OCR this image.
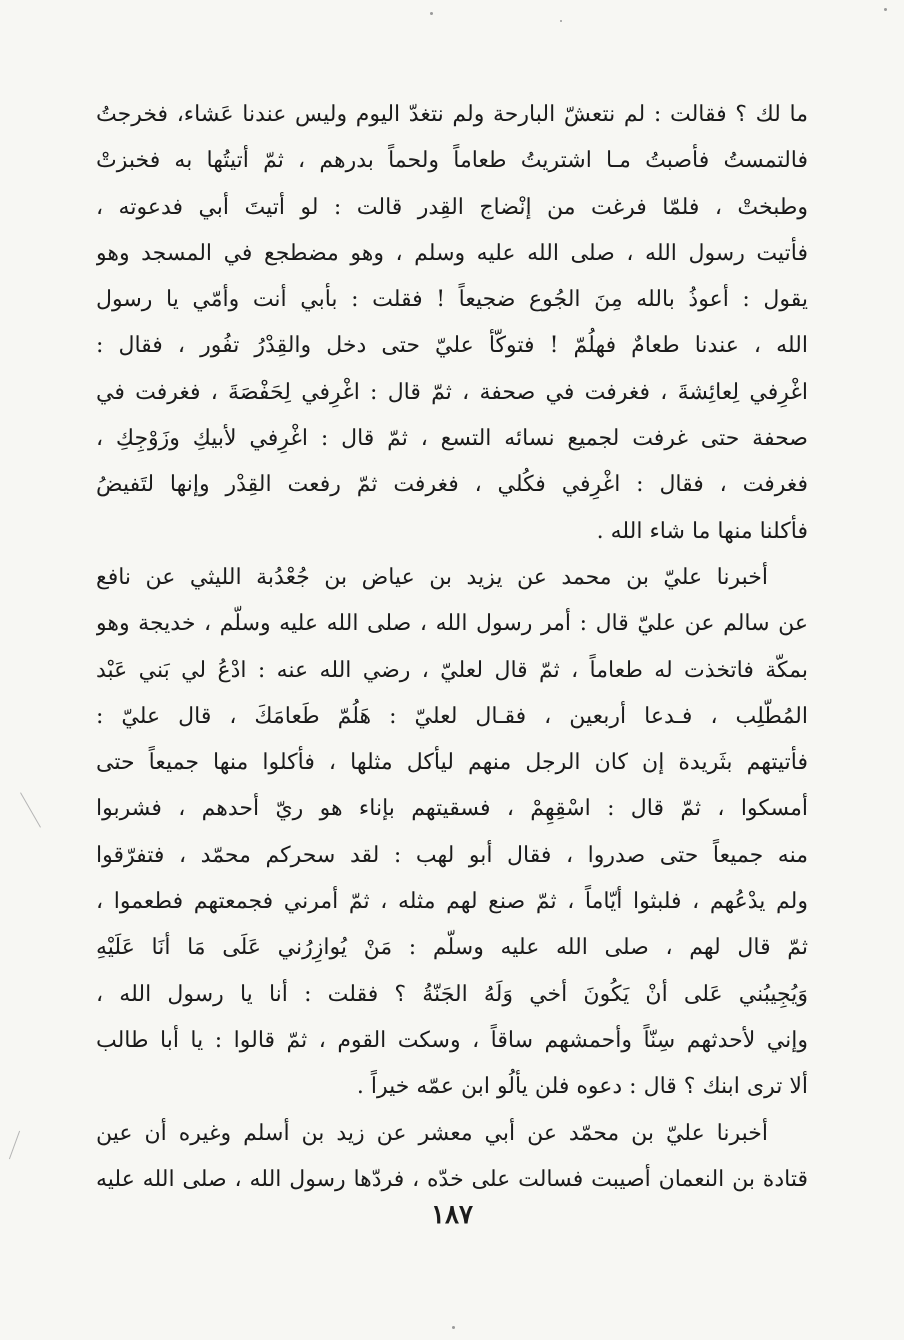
ما لك ؟ فقالت : لم نتعشّ البارحة ولم نتغدّ اليوم وليس عندنا عَشاء، فخرجتُ
فالتمستُ فأصبتُ مـا اشتريتُ طعاماً ولحماً بدرهم ، ثمّ أتيتُها به فخبزتْ
وطبختْ ، فلمّا فرغت من إنْضاج القِدر قالت : لو أتيتَ أبي فدعوته ،
فأتيت رسول الله ، صلى الله عليه وسلم ، وهو مضطجع في المسجد وهو
يقول : أعوذُ بالله مِنَ الجُوع ضجيعاً ! فقلت : بأبي أنت وأمّي يا رسول
الله ، عندنا طعامٌ فهلُمّ ! فتوكّأ عليّ حتى دخل والقِدْرُ تفُور ، فقال :
اغْرِفي لِعائِشةَ ، فغرفت في صحفة ، ثمّ قال : اغْرِفي لِحَفْصَةَ ، فغرفت في
صحفة حتى غرفت لجميع نسائه التسع ، ثمّ قال : اغْرِفي لأبيكِ وزَوْجِكِ ،
فغرفت ، فقال : اغْرِفي فكُلي ، فغرفت ثمّ رفعت القِدْر وإنها لتَفيضُ
فأكلنا منها ما شاء الله .
أخبرنا عليّ بن محمد عن يزيد بن عياض بن جُعْدُبة الليثي عن نافع
عن سالم عن عليّ قال : أمر رسول الله ، صلى الله عليه وسلّم ، خديجة وهو
بمكّة فاتخذت له طعاماً ، ثمّ قال لعليّ ، رضي الله عنه : ادْعُ لي بَني عَبْد
المُطّلِب ، فـدعا أربعين ، فقـال لعليّ : هَلُمّ طَعامَكَ ، قال عليّ :
فأتيتهم بثَريدة إن كان الرجل منهم ليأكل مثلها ، فأكلوا منها جميعاً حتى
أمسكوا ، ثمّ قال : اسْقِهِمْ ، فسقيتهم بإناء هو ريّ أحدهم ، فشربوا
منه جميعاً حتى صدروا ، فقال أبو لهب : لقد سحركم محمّد ، فتفرّقوا
ولم يدْعُهم ، فلبثوا أيّاماً ، ثمّ صنع لهم مثله ، ثمّ أمرني فجمعتهم فطعموا ،
ثمّ قال لهم ، صلى الله عليه وسلّم : مَنْ يُوازِرُني عَلَى مَا أنَا عَلَيْهِ
وَيُجِيبُني عَلى أنْ يَكُونَ أخي وَلَهُ الجَنّةُ ؟ فقلت : أنا يا رسول الله ،
وإني لأحدثهم سِنّاً وأحمشهم ساقاً ، وسكت القوم ، ثمّ قالوا : يا أبا طالب
ألا ترى ابنك ؟ قال : دعوه فلن يألُو ابن عمّه خيراً .
أخبرنا عليّ بن محمّد عن أبي معشر عن زيد بن أسلم وغيره أن عين
قتادة بن النعمان أصيبت فسالت على خدّه ، فردّها رسول الله ، صلى الله عليه
١٨٧
